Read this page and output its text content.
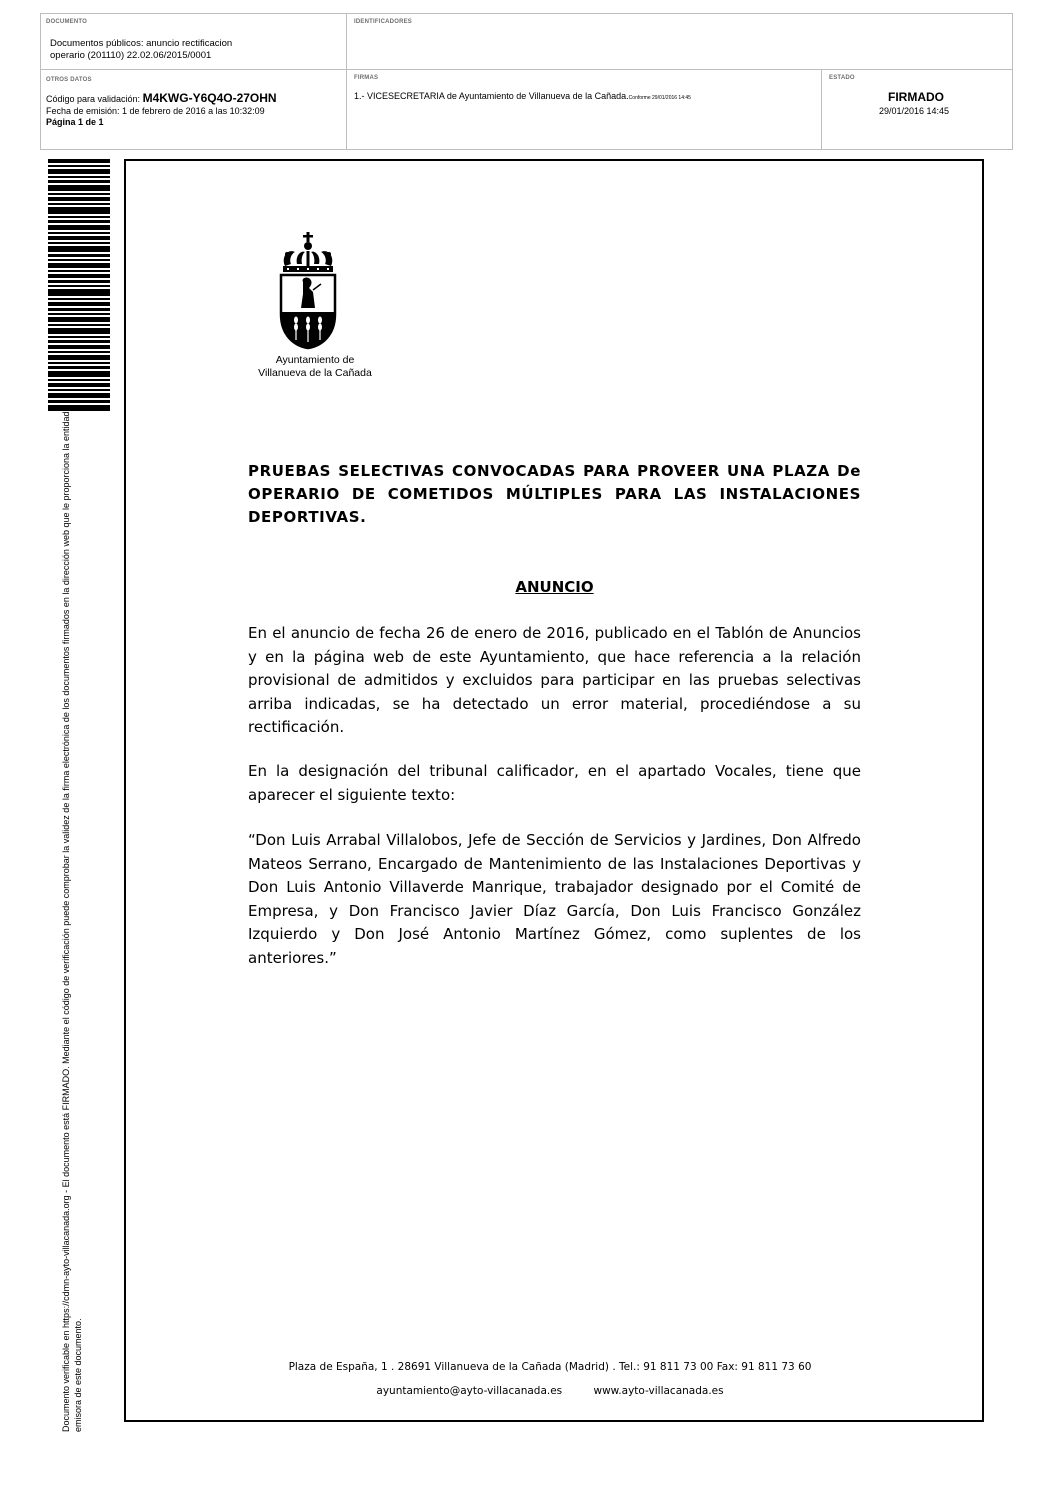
DOCUMENTO
Documentos públicos: anuncio rectificacion
operario (201110) 22.02.06/2015/0001
IDENTIFICADORES
OTROS DATOS
Código para validación: M4KWG-Y6Q4O-27OHN
Fecha de emisión: 1 de febrero de 2016 a las 10:32:09
Página 1 de 1
FIRMAS
1.- VICESECRETARIA de Ayuntamiento de Villanueva de la Cañada.Conforme 29/01/2016 14:45
ESTADO
FIRMADO
29/01/2016 14:45
Documento verificable en https://cdmn-ayto-villacanada.org - El documento está FIRMADO. Mediante el código de verificación puede comprobar la validez de la firma electrónica de los documentos firmados en la dirección web que le proporciona la entidad emisora de este documento.
Ayuntamiento de
Villanueva de la Cañada
PRUEBAS SELECTIVAS CONVOCADAS PARA PROVEER UNA PLAZA De OPERARIO DE COMETIDOS MÚLTIPLES PARA LAS INSTALACIONES DEPORTIVAS.
ANUNCIO
En el anuncio de fecha 26 de enero de 2016, publicado en el Tablón de Anuncios y en la página web de este Ayuntamiento, que hace referencia a la relación provisional de admitidos y excluidos para participar en las pruebas selectivas arriba indicadas, se ha detectado un error material, procediéndose a su rectificación.
En la designación del tribunal calificador, en el apartado Vocales, tiene que aparecer el siguiente texto:
“Don Luis Arrabal Villalobos, Jefe de Sección de Servicios y Jardines, Don Alfredo Mateos Serrano, Encargado de Mantenimiento de las Instalaciones Deportivas y Don Luis Antonio Villaverde Manrique, trabajador designado por el Comité de Empresa, y Don Francisco Javier Díaz García, Don Luis Francisco González Izquierdo y Don José Antonio Martínez Gómez, como suplentes de los anteriores.”
Plaza de España, 1 . 28691 Villanueva de la Cañada (Madrid) . Tel.: 91 811 73 00 Fax: 91 811 73 60
ayuntamiento@ayto-villacanada.es	www.ayto-villacanada.es
